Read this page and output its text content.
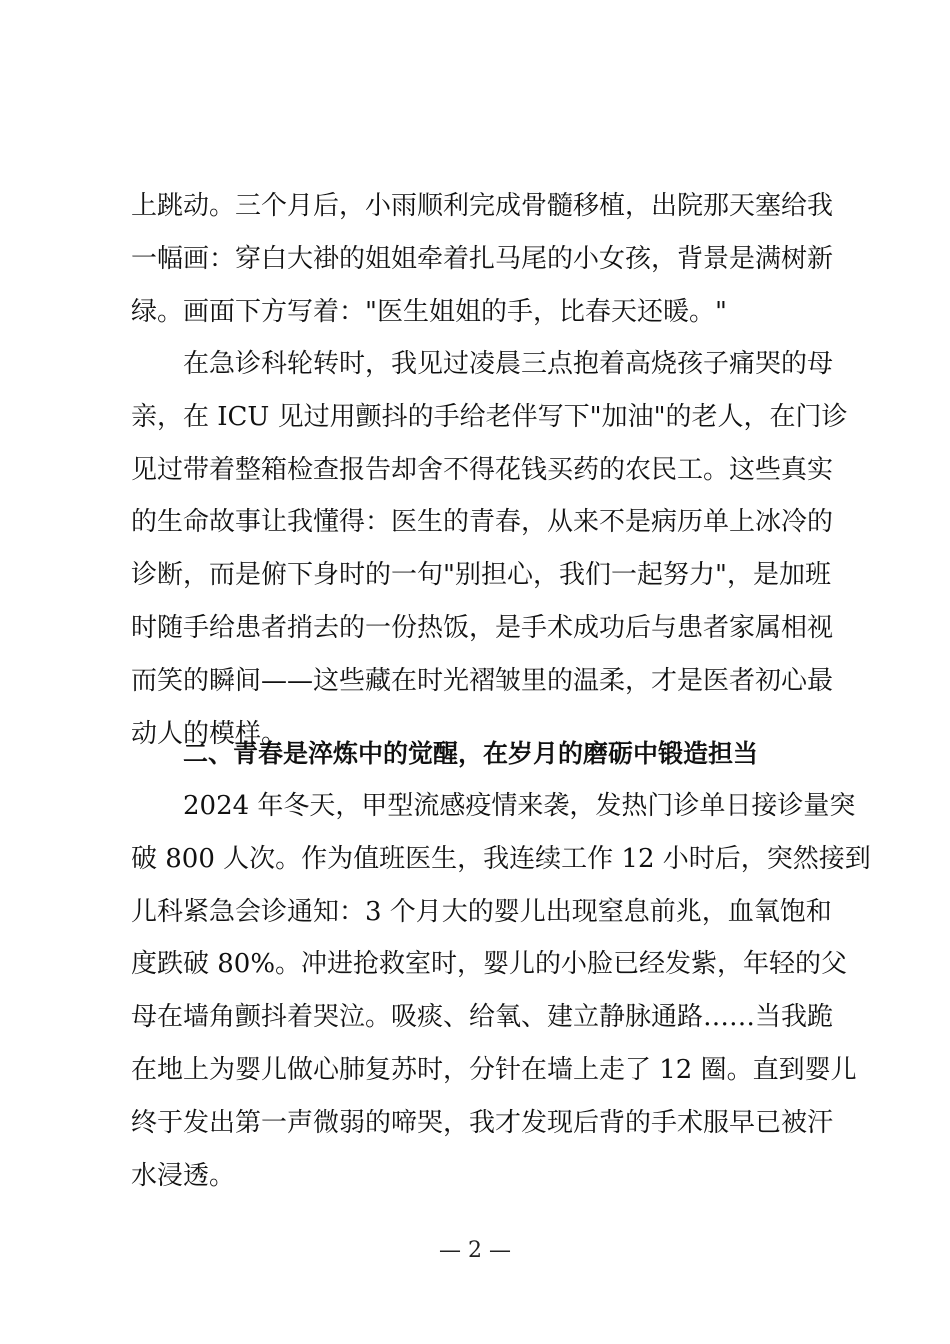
上跳动。三个月后，小雨顺利完成骨髓移植，出院那天塞给我
一幅画：穿白大褂的姐姐牵着扎马尾的小女孩，背景是满树新
绿。画面下方写着："医生姐姐的手，比春天还暖。"
在急诊科轮转时，我见过凌晨三点抱着高烧孩子痛哭的母
亲，在 ICU 见过用颤抖的手给老伴写下"加油"的老人，在门诊
见过带着整箱检查报告却舍不得花钱买药的农民工。这些真实
的生命故事让我懂得：医生的青春，从来不是病历单上冰冷的
诊断，而是俯下身时的一句"别担心，我们一起努力"，是加班
时随手给患者捎去的一份热饭，是手术成功后与患者家属相视
而笑的瞬间——这些藏在时光褶皱里的温柔，才是医者初心最
动人的模样。
二、青春是淬炼中的觉醒，在岁月的磨砺中锻造担当
2024 年冬天，甲型流感疫情来袭，发热门诊单日接诊量突
破 800 人次。作为值班医生，我连续工作 12 小时后，突然接到
儿科紧急会诊通知：3 个月大的婴儿出现窒息前兆，血氧饱和
度跌破 80%。冲进抢救室时，婴儿的小脸已经发紫，年轻的父
母在墙角颤抖着哭泣。吸痰、给氧、建立静脉通路……当我跪
在地上为婴儿做心肺复苏时，分针在墙上走了 12 圈。直到婴儿
终于发出第一声微弱的啼哭，我才发现后背的手术服早已被汗
水浸透。
— 2 —
